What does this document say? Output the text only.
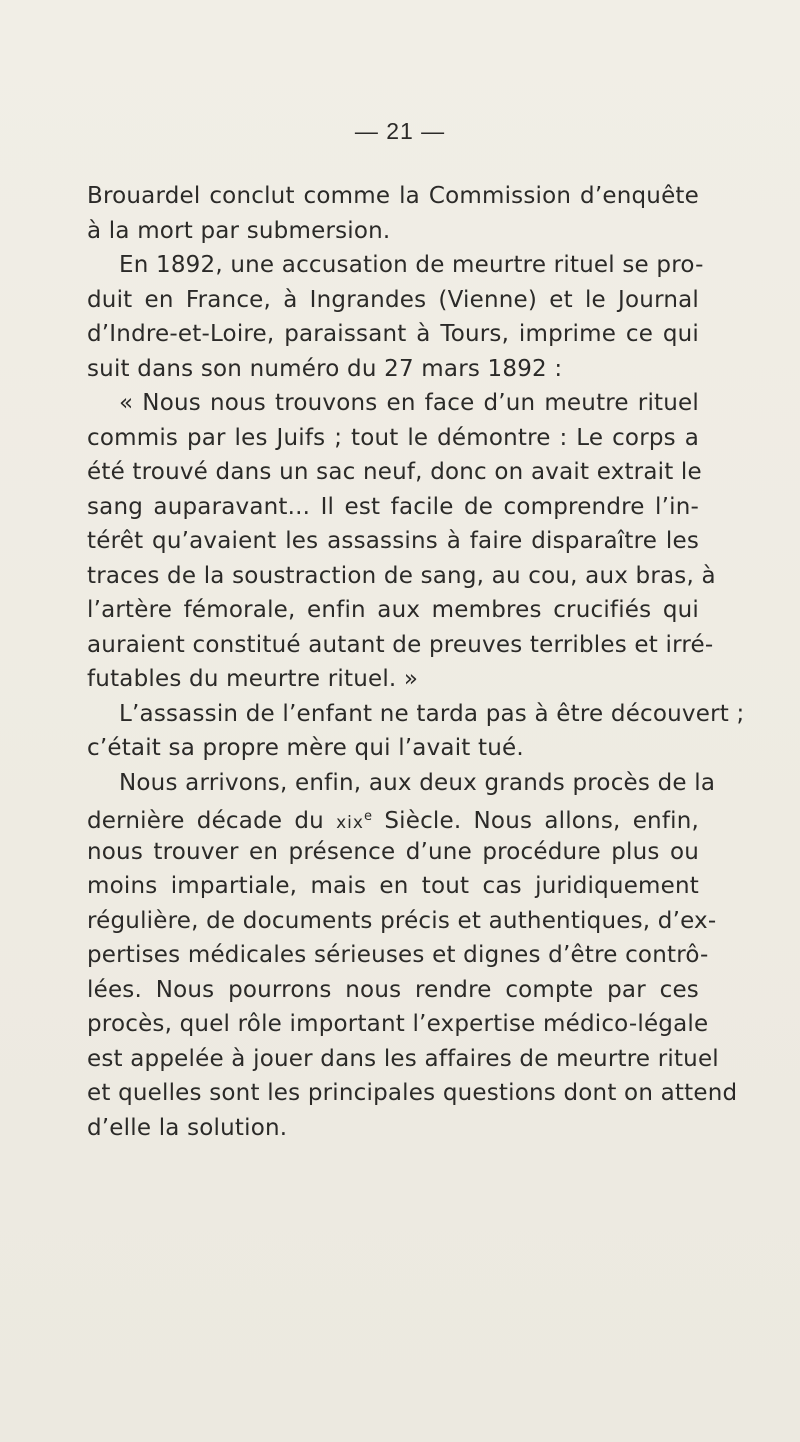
— 21 —
Brouardel conclut comme la Commission d’enquête
à la mort par submersion.
En 1892, une accusation de meurtre rituel se pro-
duit en France, à Ingrandes (Vienne) et le Journal
d’Indre-et-Loire, paraissant à Tours, imprime ce qui
suit dans son numéro du 27 mars 1892 :
« Nous nous trouvons en face d’un meutre rituel
commis par les Juifs ; tout le démontre : Le corps a
été trouvé dans un sac neuf, donc on avait extrait le
sang auparavant... Il est facile de comprendre l’in-
térêt qu’avaient les assassins à faire disparaître les
traces de la soustraction de sang, au cou, aux bras, à
l’artère fémorale, enfin aux membres crucifiés qui
auraient constitué autant de preuves terribles et irré-
futables du meurtre rituel. »
L’assassin de l’enfant ne tarda pas à être découvert ;
c’était sa propre mère qui l’avait tué.
Nous arrivons, enfin, aux deux grands procès de la
dernière décade du xix$^e$ Siècle. Nous allons, enfin,
nous trouver en présence d’une procédure plus ou
moins impartiale, mais en tout cas juridiquement
régulière, de documents précis et authentiques, d’ex-
pertises médicales sérieuses et dignes d’être contrô-
lées. Nous pourrons nous rendre compte par ces
procès, quel rôle important l’expertise médico-légale
est appelée à jouer dans les affaires de meurtre rituel
et quelles sont les principales questions dont on attend
d’elle la solution.
